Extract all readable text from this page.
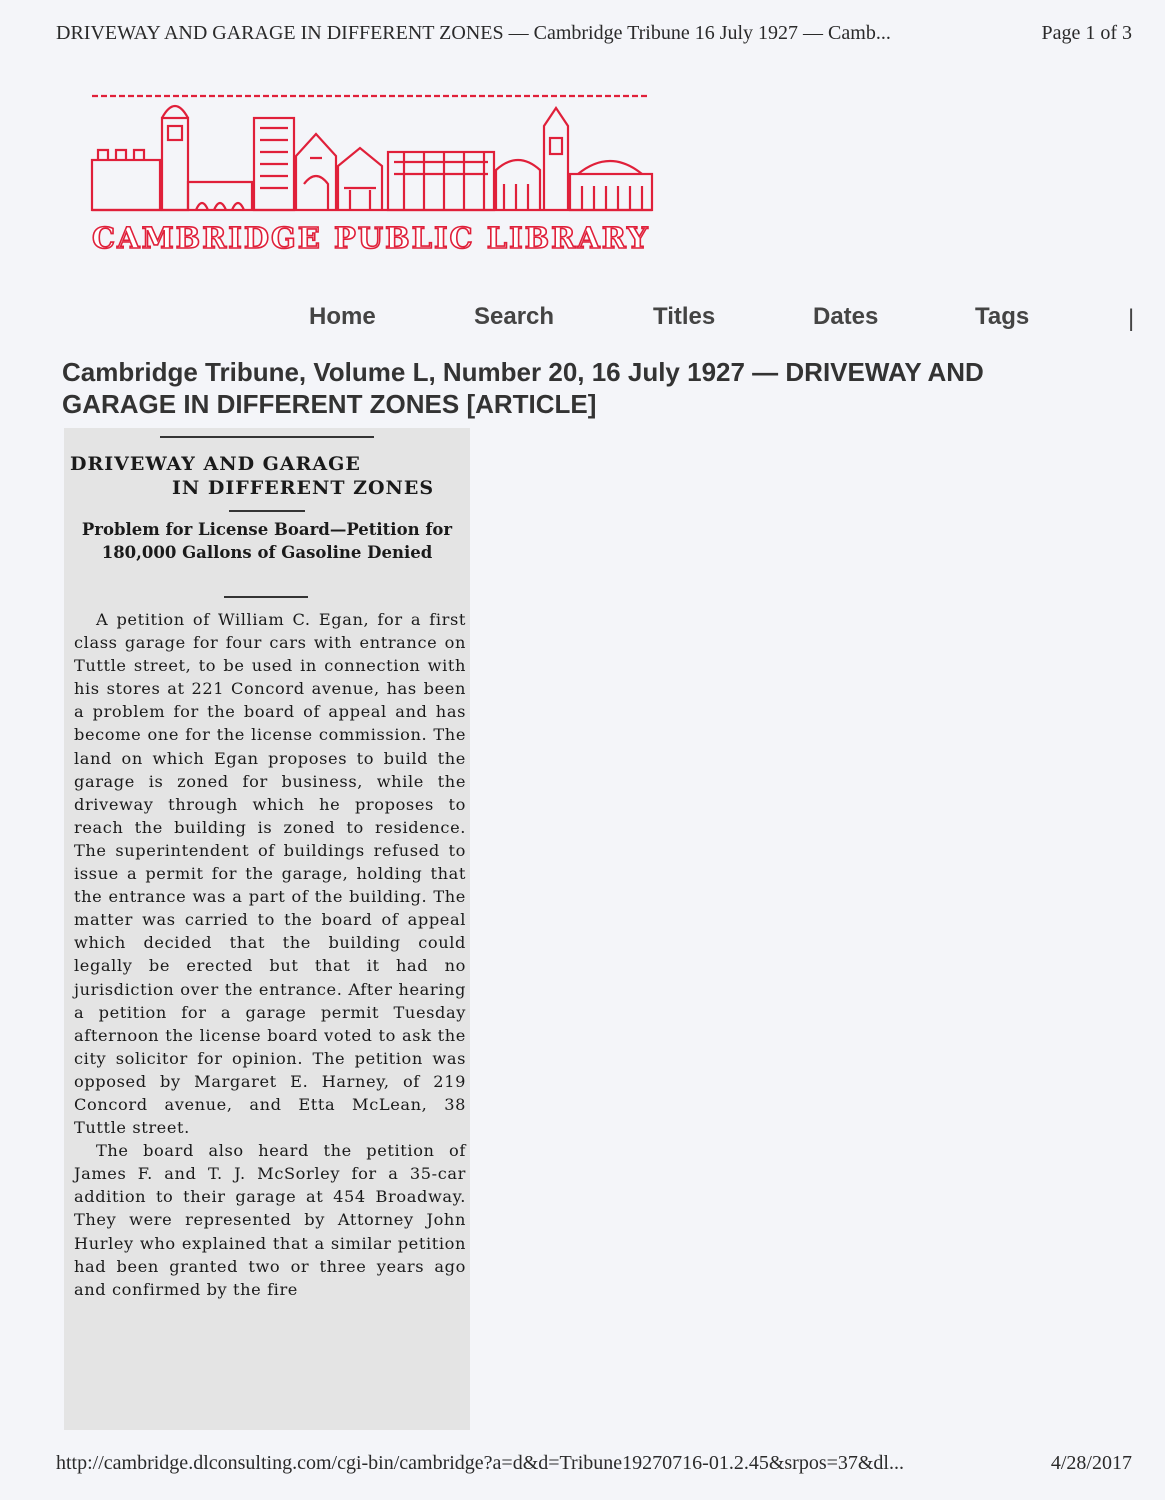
DRIVEWAY AND GARAGE IN DIFFERENT ZONES — Cambridge Tribune 16 July 1927 — Camb...	Page 1 of 3
CAMBRIDGE PUBLIC LIBRARY
Home	Search	Titles	Dates	Tags	|
Cambridge Tribune, Volume L, Number 20, 16 July 1927 — DRIVEWAY AND GARAGE IN DIFFERENT ZONES [ARTICLE]
DRIVEWAY AND GARAGE
IN DIFFERENT ZONES

Problem for License Board—Petition for 180,000 Gallons of Gasoline Denied

A petition of William C. Egan, for a first class garage for four cars with entrance on Tuttle street, to be used in connection with his stores at 221 Concord avenue, has been a problem for the board of appeal and has become one for the license commission. The land on which Egan proposes to build the garage is zoned for business, while the driveway through which he proposes to reach the building is zoned to residence. The superintendent of buildings refused to issue a permit for the garage, holding that the entrance was a part of the building. The matter was carried to the board of appeal which decided that the building could legally be erected but that it had no jurisdiction over the entrance. After hearing a petition for a garage permit Tuesday afternoon the license board voted to ask the city solicitor for opinion. The petition was opposed by Margaret E. Harney, of 219 Concord avenue, and Etta McLean, 38 Tuttle street.

The board also heard the petition of James F. and T. J. McSorley for a 35-car addition to their garage at 454 Broadway. They were represented by Attorney John Hurley who explained that a similar petition had been granted two or three years ago and confirmed by the fire

http://cambridge.dlconsulting.com/cgi-bin/cambridge?a=d&d=Tribune19270716-01.2.45&srpos=37&dl...	4/28/2017
